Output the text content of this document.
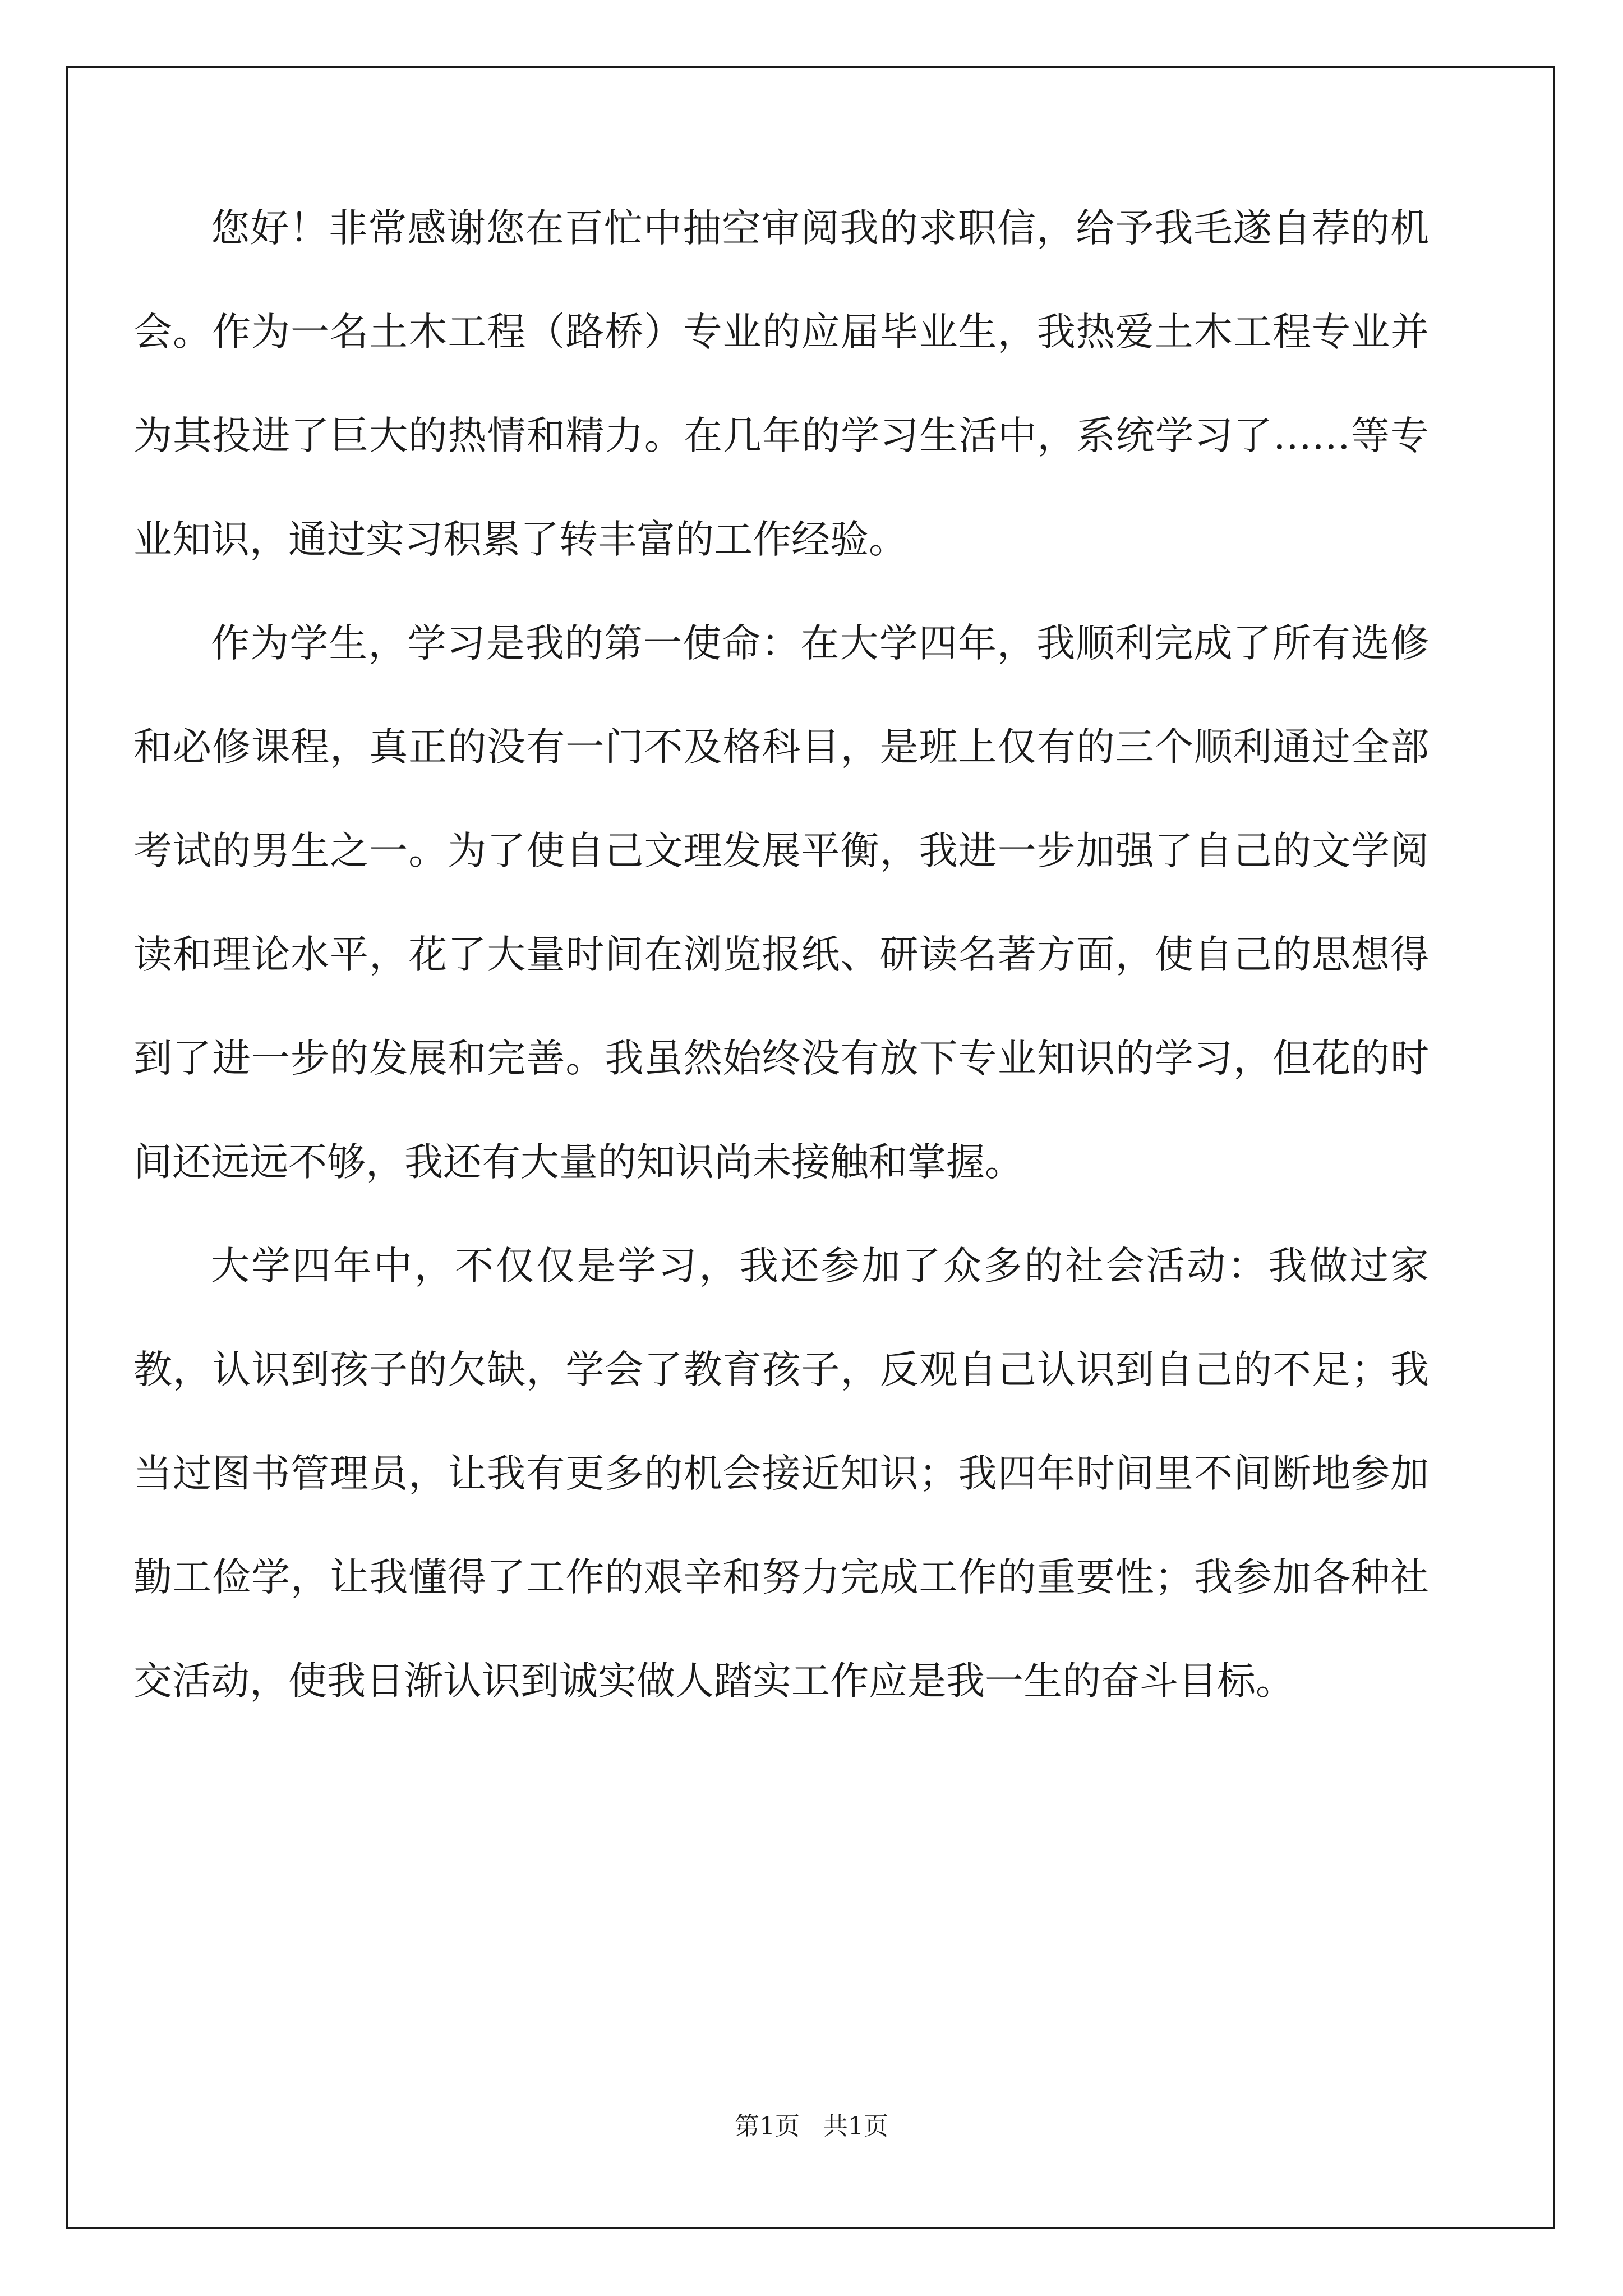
您好！非常感谢您在百忙中抽空审阅我的求职信，给予我毛遂自荐的机会。作为一名土木工程（路桥）专业的应届毕业生，我热爱土木工程专业并为其投进了巨大的热情和精力。在几年的学习生活中，系统学习了……等专业知识，通过实习积累了转丰富的工作经验。

作为学生，学习是我的第一使命：在大学四年，我顺利完成了所有选修和必修课程，真正的没有一门不及格科目，是班上仅有的三个顺利通过全部考试的男生之一。为了使自己文理发展平衡，我进一步加强了自己的文学阅读和理论水平，花了大量时间在浏览报纸、研读名著方面，使自己的思想得到了进一步的发展和完善。我虽然始终没有放下专业知识的学习，但花的时间还远远不够，我还有大量的知识尚未接触和掌握。

大学四年中，不仅仅是学习，我还参加了众多的社会活动：我做过家教，认识到孩子的欠缺，学会了教育孩子，反观自己认识到自己的不足；我当过图书管理员，让我有更多的机会接近知识；我四年时间里不间断地参加勤工俭学，让我懂得了工作的艰辛和努力完成工作的重要性；我参加各种社交活动，使我日渐认识到诚实做人踏实工作应是我一生的奋斗目标。

第1页   共1页
